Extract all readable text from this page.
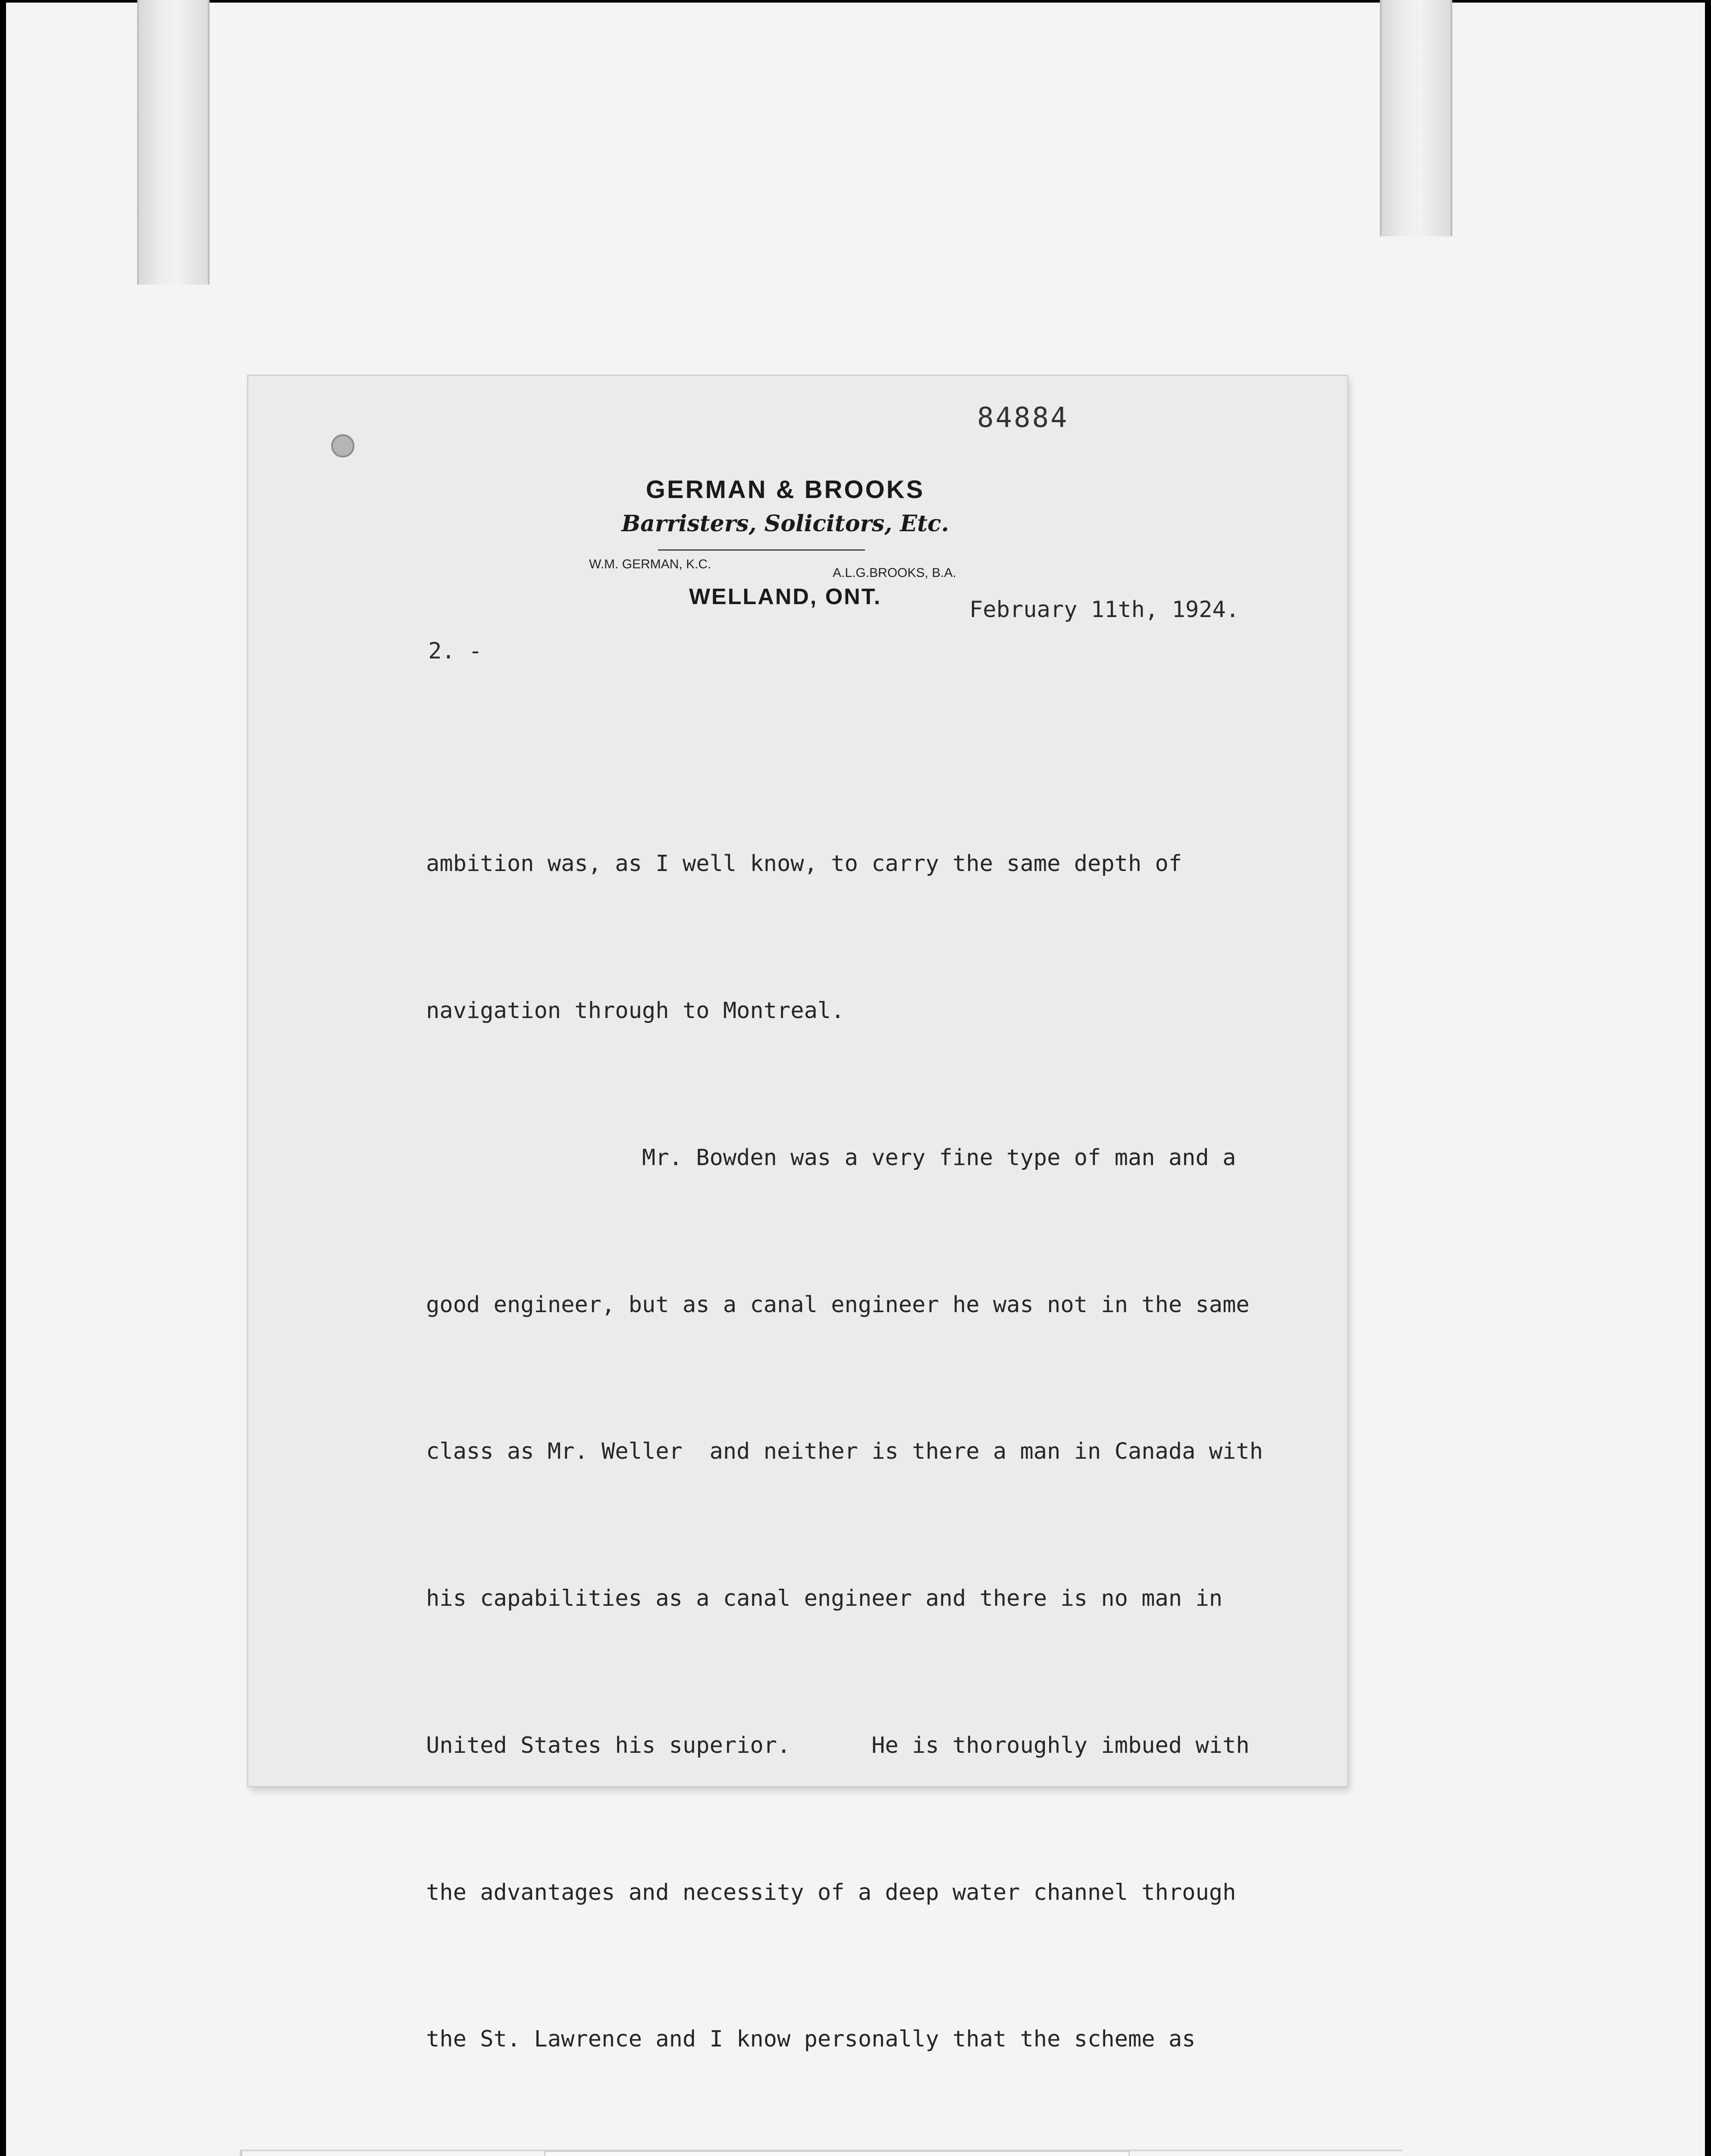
84884
GERMAN & BROOKS
Barristers, Solicitors, Etc.
W.M. GERMAN, K.C.
A.L.G.BROOKS, B.A.
WELLAND, ONT.	February 11th, 1924.
2. -

ambition was, as I well know, to carry the same depth of

navigation through to Montreal.

Mr. Bowden was a very fine type of man and a

good engineer, but as a canal engineer he was not in the same

class as Mr. Weller  and neither is there a man in Canada with

his capabilities as a canal engineer and there is no man in

United States his superior.      He is thoroughly imbued with

the advantages and necessity of a deep water channel through

the St. Lawrence and I know personally that the scheme as
